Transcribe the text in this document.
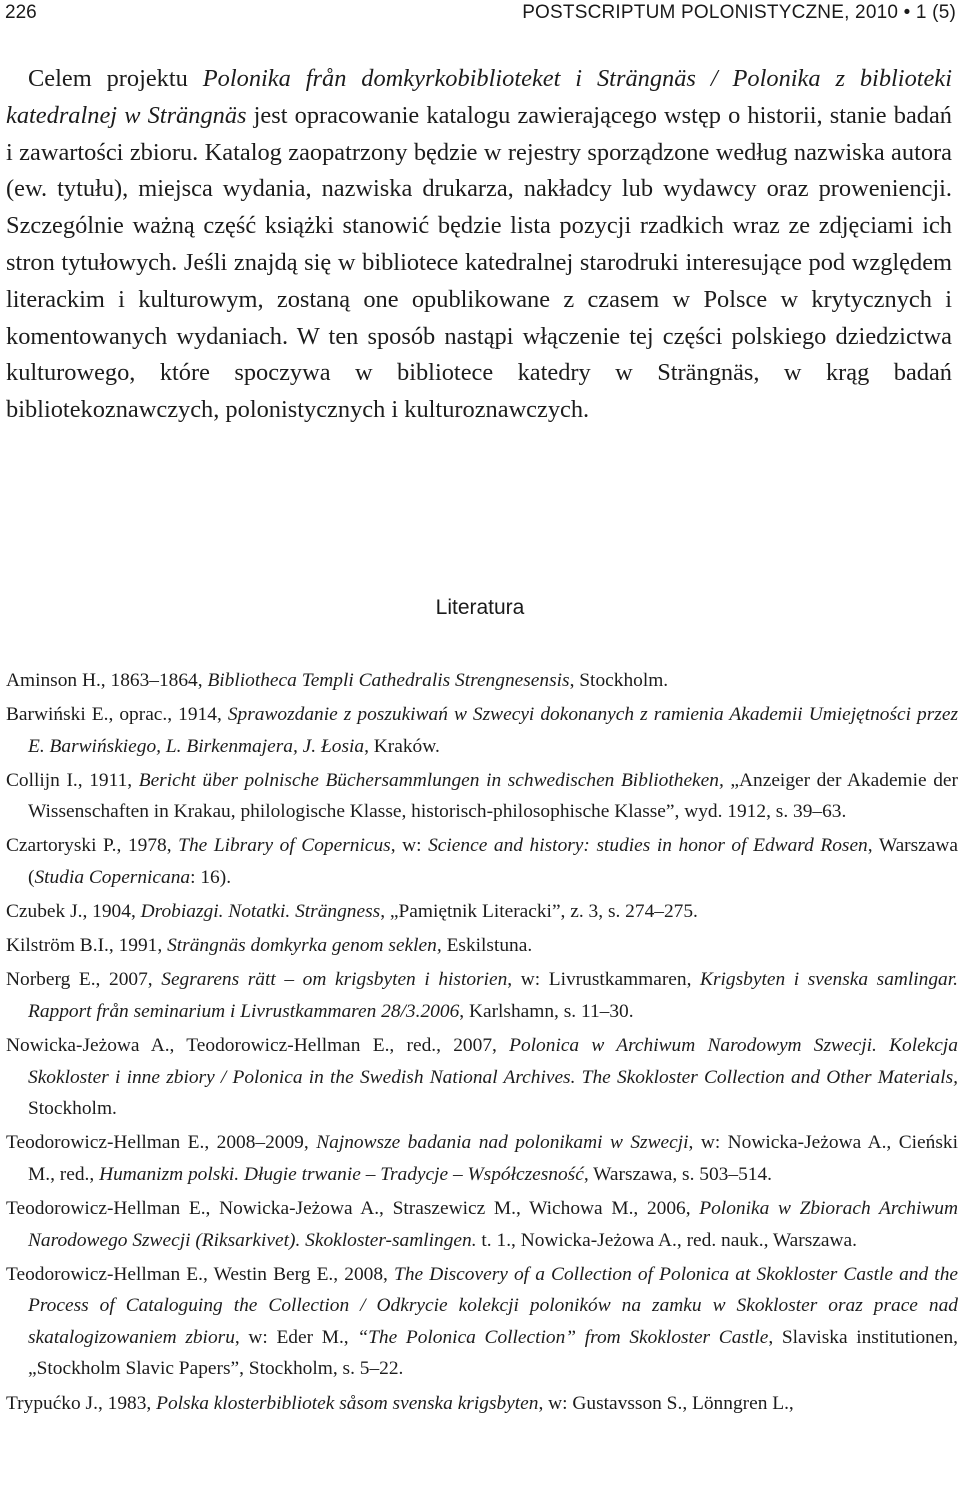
226	POSTSCRIPTUM POLONISTYCZNE, 2010 • 1 (5)

Celem projektu Polonika från domkyrkobiblioteket i Strängnäs / Polonika z biblioteki katedralnej w Strängnäs jest opracowanie katalogu zawierającego wstęp o historii, stanie badań i zawartości zbioru. Katalog zaopatrzony będzie w rejestry sporządzone według nazwiska autora (ew. tytułu), miejsca wydania, nazwiska drukarza, nakładcy lub wydawcy oraz proweniencji. Szczególnie ważną część książki stanowić będzie lista pozycji rzadkich wraz ze zdjęciami ich stron tytułowych. Jeśli znajdą się w bibliotece katedralnej starodruki interesujące pod względem literackim i kulturowym, zostaną one opublikowane z czasem w Polsce w krytycznych i komentowanych wydaniach. W ten sposób nastąpi włączenie tej części polskiego dziedzictwa kulturowego, które spoczywa w bibliotece katedry w Strängnäs, w krąg badań bibliotekoznawczych, polonistycznych i kulturoznawczych.

Literatura
Aminson H., 1863–1864, Bibliotheca Templi Cathedralis Strengnesensis, Stockholm.
Barwiński E., oprac., 1914, Sprawozdanie z poszukiwań w Szwecyi dokonanych z ramienia Akademii Umiejętności przez E. Barwińskiego, L. Birkenmajera, J. Łosia, Kraków.
Collijn I., 1911, Bericht über polnische Büchersammlungen in schwedischen Bibliotheken, „Anzeiger der Akademie der Wissenschaften in Krakau, philologische Klasse, historisch-philosophische Klasse”, wyd. 1912, s. 39–63.
Czartoryski P., 1978, The Library of Copernicus, w: Science and history: studies in honor of Edward Rosen, Warszawa (Studia Copernicana: 16).
Czubek J., 1904, Drobiazgi. Notatki. Strängness, „Pamiętnik Literacki”, z. 3, s. 274–275.
Kilström B.I., 1991, Strängnäs domkyrka genom seklen, Eskilstuna.
Norberg E., 2007, Segrarens rätt – om krigsbyten i historien, w: Livrustkammaren, Krigsbyten i svenska samlingar. Rapport från seminarium i Livrustkammaren 28/3.2006, Karlshamn, s. 11–30.
Nowicka-Jeżowa A., Teodorowicz-Hellman E., red., 2007, Polonica w Archiwum Narodowym Szwecji. Kolekcja Skokloster i inne zbiory / Polonica in the Swedish National Archives. The Skokloster Collection and Other Materials, Stockholm.
Teodorowicz-Hellman E., 2008–2009, Najnowsze badania nad polonikami w Szwecji, w: Nowicka-Jeżowa A., Cieński M., red., Humanizm polski. Długie trwanie – Tradycje – Współczesność, Warszawa, s. 503–514.
Teodorowicz-Hellman E., Nowicka-Jeżowa A., Straszewicz M., Wichowa M., 2006, Polonika w Zbiorach Archiwum Narodowego Szwecji (Riksarkivet). Skokloster-samlingen. t. 1., Nowicka-Jeżowa A., red. nauk., Warszawa.
Teodorowicz-Hellman E., Westin Berg E., 2008, The Discovery of a Collection of Polonica at Skokloster Castle and the Process of Cataloguing the Collection / Odkrycie kolekcji poloników na zamku w Skokloster oraz prace nad skatalogizowaniem zbioru, w: Eder M., “The Polonica Collection” from Skokloster Castle, Slaviska institutionen, „Stockholm Slavic Papers”, Stockholm, s. 5–22.
Trypućko J., 1983, Polska klosterbibliotek såsom svenska krigsbyten, w: Gustavsson S., Lönngren L.,
